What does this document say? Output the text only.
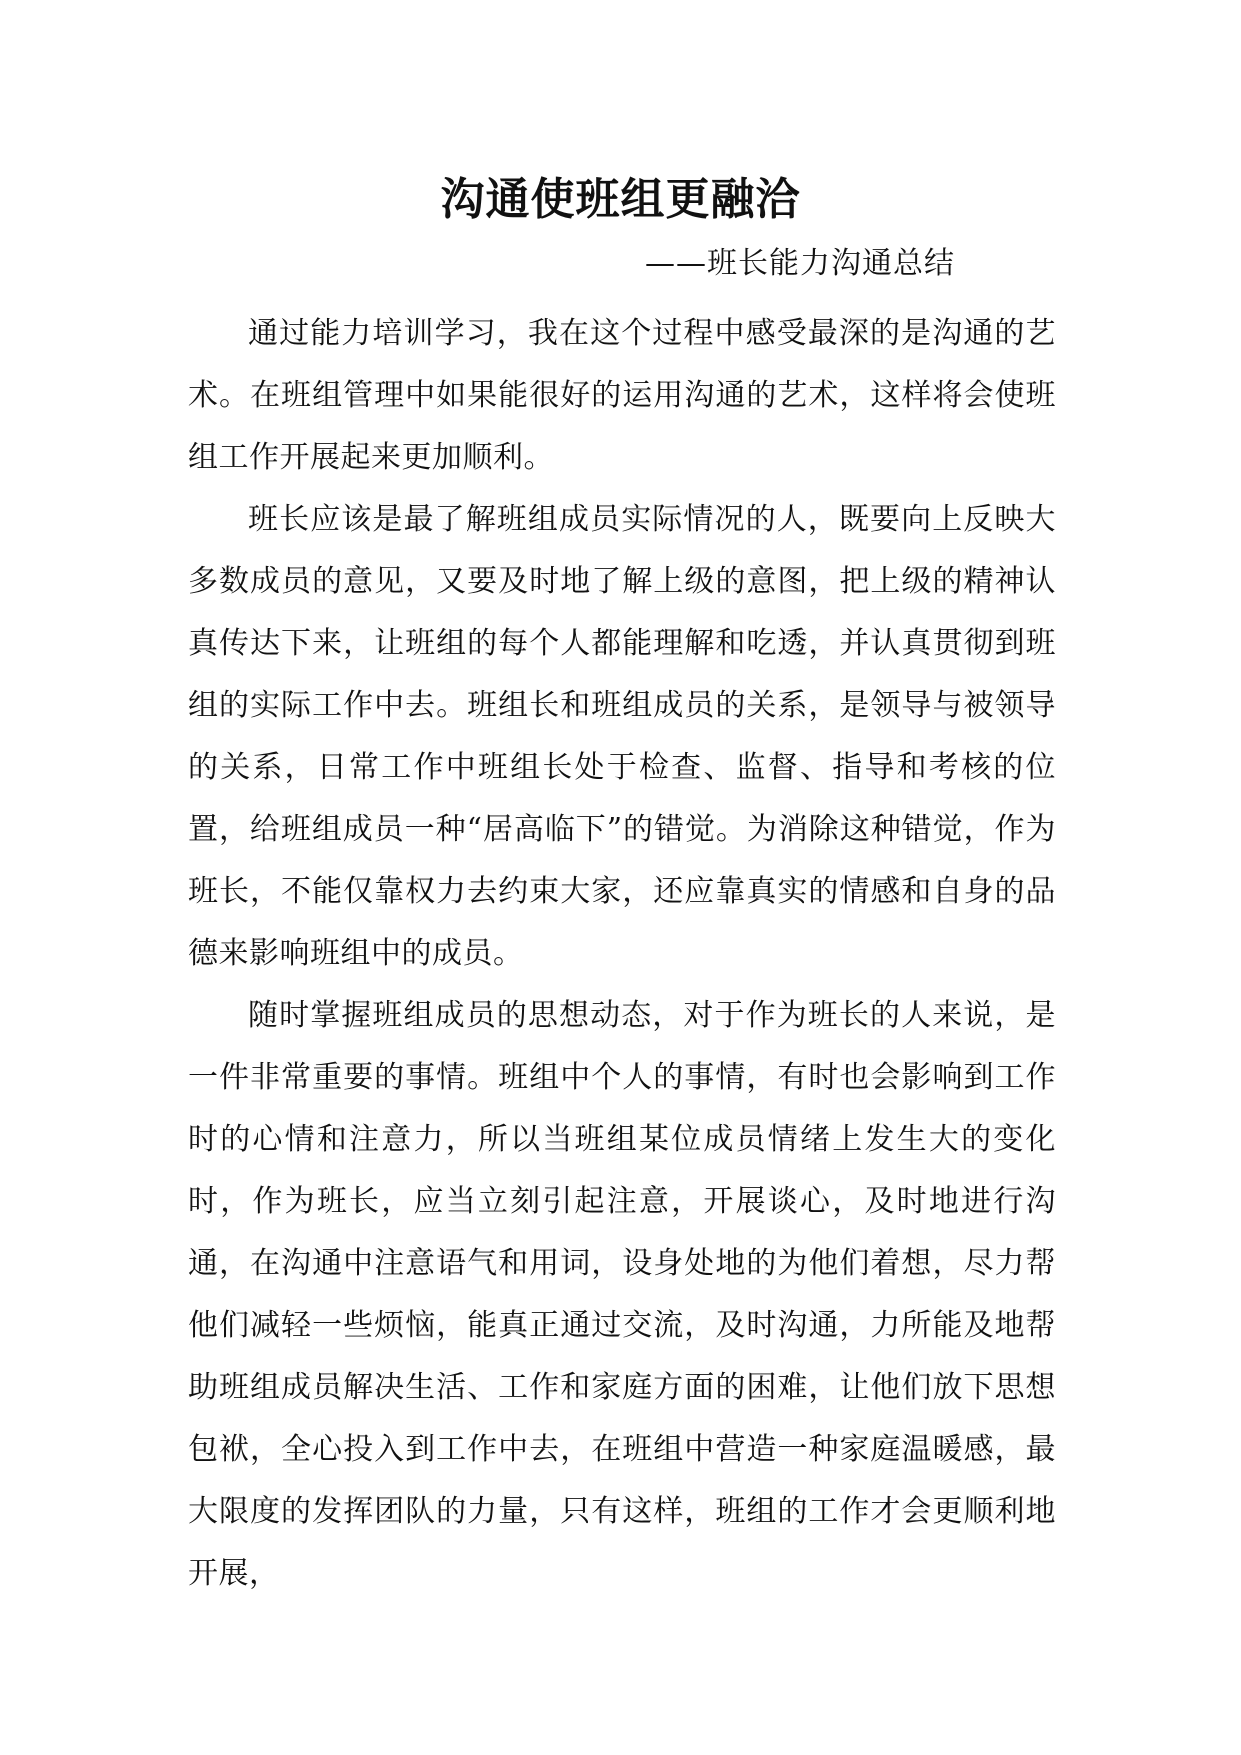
沟通使班组更融洽
——班长能力沟通总结

通过能力培训学习，我在这个过程中感受最深的是沟通的艺术。在班组管理中如果能很好的运用沟通的艺术，这样将会使班组工作开展起来更加顺利。

班长应该是最了解班组成员实际情况的人，既要向上反映大多数成员的意见，又要及时地了解上级的意图，把上级的精神认真传达下来，让班组的每个人都能理解和吃透，并认真贯彻到班组的实际工作中去。班组长和班组成员的关系，是领导与被领导的关系，日常工作中班组长处于检查、监督、指导和考核的位置，给班组成员一种“居高临下”的错觉。为消除这种错觉，作为班长，不能仅靠权力去约束大家，还应靠真实的情感和自身的品德来影响班组中的成员。

随时掌握班组成员的思想动态，对于作为班长的人来说，是一件非常重要的事情。班组中个人的事情，有时也会影响到工作时的心情和注意力，所以当班组某位成员情绪上发生大的变化时，作为班长，应当立刻引起注意，开展谈心，及时地进行沟通，在沟通中注意语气和用词，设身处地的为他们着想，尽力帮他们减轻一些烦恼，能真正通过交流，及时沟通，力所能及地帮助班组成员解决生活、工作和家庭方面的困难，让他们放下思想包袱，全心投入到工作中去，在班组中营造一种家庭温暖感，最大限度的发挥团队的力量，只有这样，班组的工作才会更顺利地开展，
